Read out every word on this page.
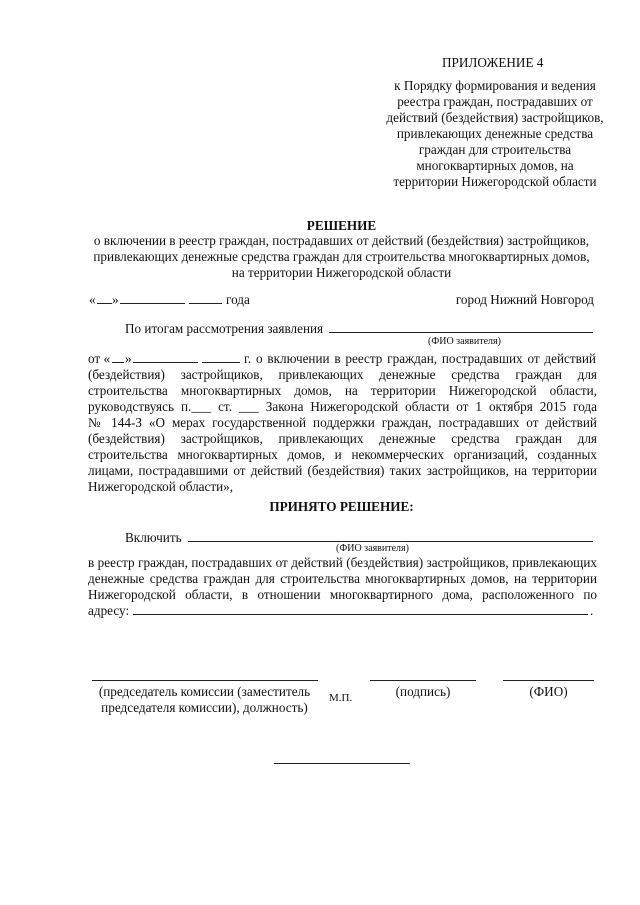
ПРИЛОЖЕНИЕ 4
к Порядку формирования и ведения
реестра граждан, пострадавших от
действий (бездействия) застройщиков,
привлекающих денежные средства
граждан для строительства
многоквартирных домов, на
территории Нижегородской области
РЕШЕНИЕ
о включении в реестр граждан, пострадавших от действий (бездействия) застройщиков,
привлекающих денежные средства граждан для строительства многоквартирных домов,
на территории Нижегородской области
« »	года	город Нижний Новгород
По итогам рассмотрения заявления
(ФИО заявителя)
от « »	г. о включении в реестр граждан, пострадавших от действий
(бездействия) застройщиков, привлекающих денежные средства граждан для
строительства многоквартирных домов, на территории Нижегородской области,
руководствуясь п.___ ст. ___ Закона Нижегородской области от 1 октября 2015 года
№ 144-З «О мерах государственной поддержки граждан, пострадавших от действий
(бездействия) застройщиков, привлекающих денежные средства граждан для
строительства многоквартирных домов, и некоммерческих организаций, созданных
лицами, пострадавшими от действий (бездействия) таких застройщиков, на территории
Нижегородской области»,
ПРИНЯТО РЕШЕНИЕ:
Включить
(ФИО заявителя)
в реестр граждан, пострадавших от действий (бездействия) застройщиков, привлекающих
денежные средства граждан для строительства многоквартирных домов, на территории
Нижегородской области, в отношении многоквартирного дома, расположенного по
адресу:	.
(председатель комиссии (заместитель
председателя комиссии), должность)
М.П.	(подпись)	(ФИО)
